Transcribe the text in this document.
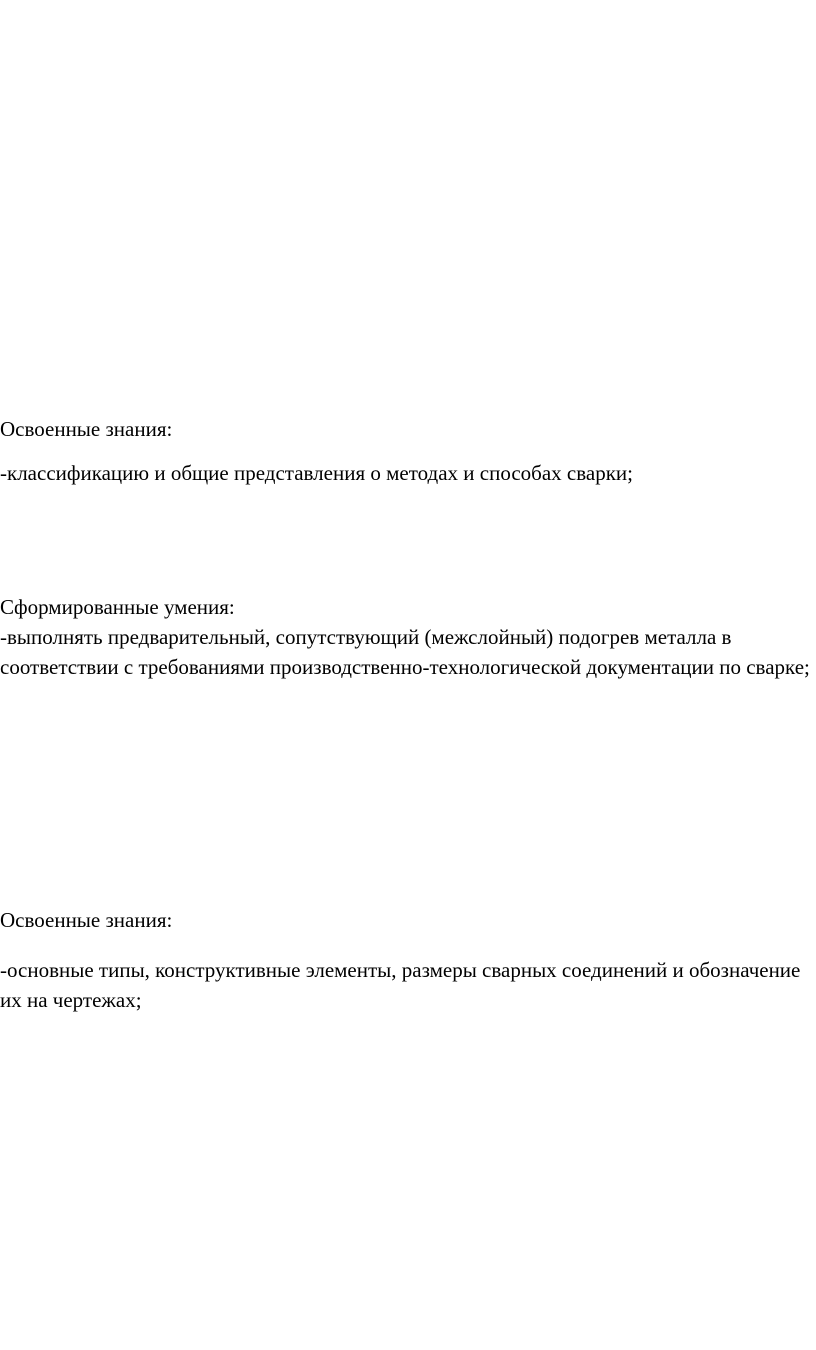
Освоенные знания:

-классификацию и общие представления о методах и способах сварки;

Сформированные умения:

-выполнять предварительный, сопутствующий (межслойный) подогрев металла в

соответствии с требованиями производственно-технологической документации по сварке;

Освоенные знания:

-основные типы, конструктивные элементы, размеры сварных соединений и обозначение

их на чертежах;
